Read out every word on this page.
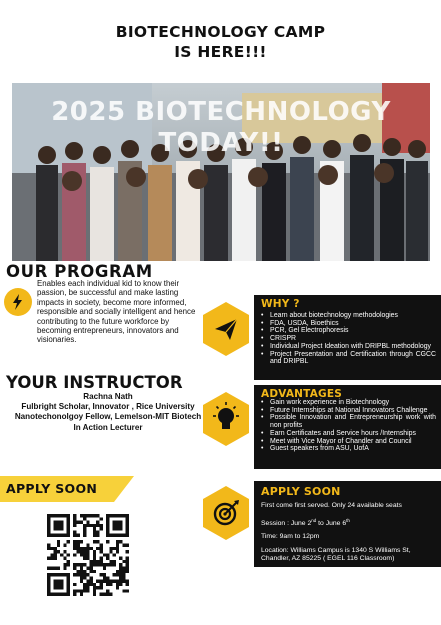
BIOTECHNOLOGY CAMP
IS HERE!!!
2025 BIOTECHNOLOGY
TODAY!!
OUR PROGRAM

Enables each individual kid to know their passion, be successful and make lasting impacts in society, become more informed, responsible and socially intelligent and hence contributing to the future workforce by becoming entrepreneurs, innovators and visionaries.

YOUR INSTRUCTOR
Rachna Nath
Fulbright Scholar, Innovator , Rice University
Nanotechonolgoy Fellow, Lemelson-MIT Biotech
In Action Lecturer
WHY ?
• Learn about biotechnology methodologies
• FDA, USDA, Bioethics
• PCR, Gel Electrophoresis
• CRISPR
• Individual Project Ideation with DRIPBL methodology
• Project Presentation and Certification through CGCC and DRIPBL
ADVANTAGES
• Gain work experience in Biotechnology
• Future Internships at National Innovators Challenge
• Possible Innovation and Entrepreneurship work with non profits
• Earn Certificates and Service hours /Internships
• Meet with Vice Mayor of Chandler and Council
• Guest speakers from ASU, UofA
APPLY SOON	APPLY SOON
First come first served. Only 24 available seats
Session : June 2nd to June 6th
Time: 9am to 12pm
Location: Williams Campus is 1340 S Williams St, Chandler, AZ 85225 ( EGEL 116 Classroom)
